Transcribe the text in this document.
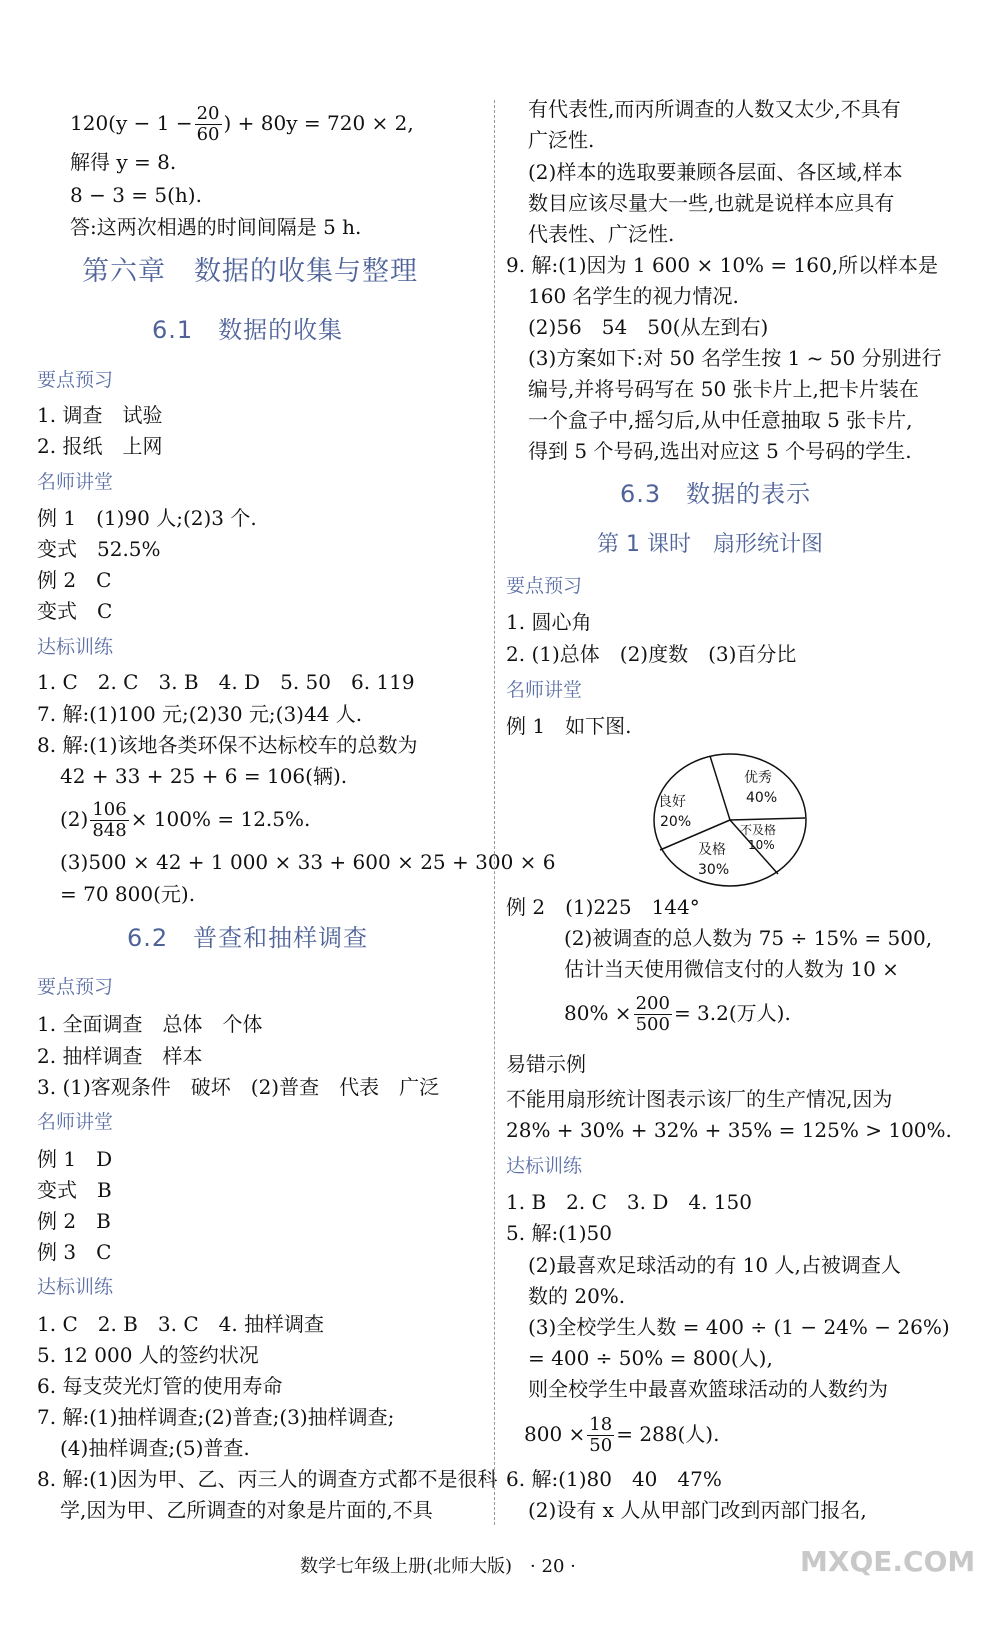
$120(y - 1 - \frac{20}{60}$ ) + 80y = 720 × 2,
解得 y = 8.
8 − 3 = 5(h).
答:这两次相遇的时间间隔是 5 h.
第六章　数据的收集与整理
6.1　数据的收集
要点预习
1. 调查　试验
2. 报纸　上网
名师讲堂
例 1　(1)90 人;(2)3 个.
变式　52.5%
例 2　C
变式　C
达标训练
1. C　2. C　3. B　4. D　5. 50　6. 119
7. 解:(1)100 元;(2)30 元;(3)44 人.
8. 解:(1)该地各类环保不达标校车的总数为
42 + 33 + 25 + 6 = 106(辆).
$(2) \frac{106}{848} \times 100\% = 12.5\%$.
(3)500 × 42 + 1 000 × 33 + 600 × 25 + 300 × 6
= 70 800(元).
6.2　普查和抽样调查
要点预习
1. 全面调查　总体　个体
2. 抽样调查　样本
3. (1)客观条件　破坏　(2)普查　代表　广泛
名师讲堂
例 1　D
变式　B
例 2　B
例 3　C
达标训练
1. C　2. B　3. C　4. 抽样调查
5. 12 000 人的签约状况
6. 每支荧光灯管的使用寿命
7. 解:(1)抽样调查;(2)普查;(3)抽样调查;
(4)抽样调查;(5)普查.
8. 解:(1)因为甲、乙、丙三人的调查方式都不是很科
学,因为甲、乙所调查的对象是片面的,不具
有代表性,而丙所调查的人数又太少,不具有
广泛性.
(2)样本的选取要兼顾各层面、各区域,样本
数目应该尽量大一些,也就是说样本应具有
代表性、广泛性.
9. 解:(1)因为 1 600 × 10% = 160,所以样本是
160 名学生的视力情况.
(2)56　54　50(从左到右)
(3)方案如下:对 50 名学生按 1 ~ 50 分别进行
编号,并将号码写在 50 张卡片上,把卡片装在
一个盒子中,摇匀后,从中任意抽取 5 张卡片,
得到 5 个号码,选出对应这 5 个号码的学生.
6.3　数据的表示
第 1 课时　扇形统计图
要点预习
1. 圆心角
2. (1)总体　(2)度数　(3)百分比
名师讲堂
例 1　如下图.
优秀
40%
良好
20%	不及格
10%
及格
30%
例 2　(1)225　144°
(2)被调查的总人数为 75 ÷ 15% = 500,
估计当天使用微信支付的人数为 10 ×
$80\% \times \frac{200}{500} = 3.2$(万人).
易错示例
不能用扇形统计图表示该厂的生产情况,因为
28% + 30% + 32% + 35% = 125% > 100%.
达标训练
1. B　2. C　3. D　4. 150
5. 解:(1)50
(2)最喜欢足球活动的有 10 人,占被调查人
数的 20%.
(3)全校学生人数 = 400 ÷ (1 − 24% − 26%)
= 400 ÷ 50% = 800(人),
则全校学生中最喜欢篮球活动的人数约为
$800 \times \frac{18}{50} = 288$(人).
6. 解:(1)80　40　47%
(2)设有 x 人从甲部门改到丙部门报名,
数学七年级上册(北师大版)　· 20 ·	MXQE.COM
